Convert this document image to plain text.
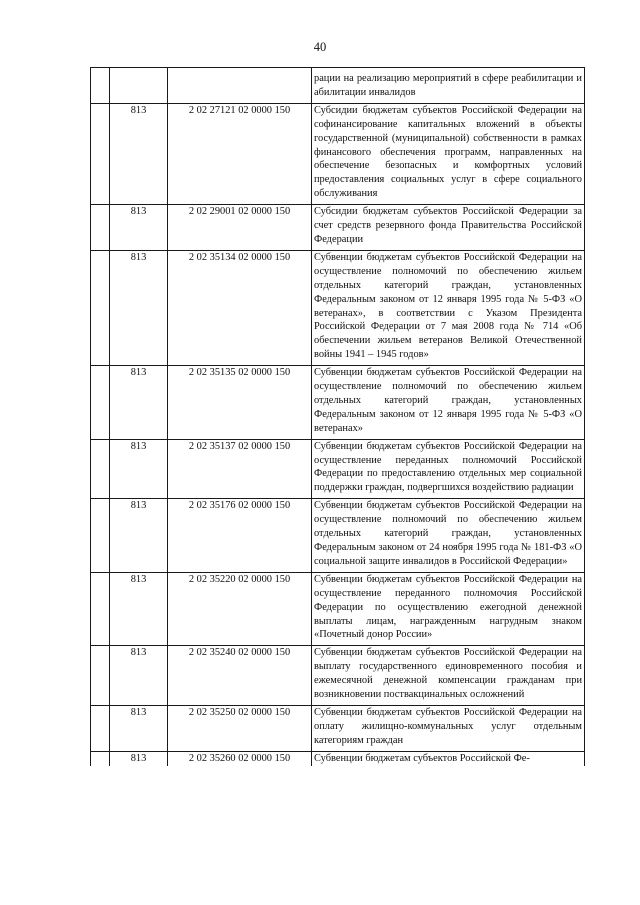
40
			рации на реализацию мероприятий в сфере реабилитации и абилитации инвалидов
	813	2 02 27121 02 0000 150	Субсидии бюджетам субъектов Российской Федерации на софинансирование капитальных вложений в объекты государственной (муниципальной) собственности в рамках финансового обеспечения программ, направленных на обеспечение безопасных и комфортных условий предоставления социальных услуг в сфере социального обслуживания
	813	2 02 29001 02 0000 150	Субсидии бюджетам субъектов Российской Федерации за счет средств резервного фонда Правительства Российской Федерации
	813	2 02 35134 02 0000 150	Субвенции бюджетам субъектов Российской Федерации на осуществление полномочий по обеспечению жильем отдельных категорий граждан, установленных Федеральным законом от 12 января 1995 года № 5-ФЗ «О ветеранах», в соответствии с Указом Президента Российской Федерации от 7 мая 2008 года № 714 «Об обеспечении жильем ветеранов Великой Отечественной войны 1941 – 1945 годов»
	813	2 02 35135 02 0000 150	Субвенции бюджетам субъектов Российской Федерации на осуществление полномочий по обеспечению жильем отдельных категорий граждан, установленных Федеральным законом от 12 января 1995 года № 5-ФЗ «О ветеранах»
	813	2 02 35137 02 0000 150	Субвенции бюджетам субъектов Российской Федерации на осуществление переданных полномочий Российской Федерации по предоставлению отдельных мер социальной поддержки граждан, подвергшихся воздействию радиации
	813	2 02 35176 02 0000 150	Субвенции бюджетам субъектов Российской Федерации на осуществление полномочий по обеспечению жильем отдельных категорий граждан, установленных Федеральным законом от 24 ноября 1995 года № 181-ФЗ «О социальной защите инвалидов в Российской Федерации»
	813	2 02 35220 02 0000 150	Субвенции бюджетам субъектов Российской Федерации на осуществление переданного полномочия Российской Федерации по осуществлению ежегодной денежной выплаты лицам, награжденным нагрудным знаком «Почетный донор России»
	813	2 02 35240 02 0000 150	Субвенции бюджетам субъектов Российской Федерации на выплату государственного единовременного пособия и ежемесячной денежной компенсации гражданам при возникновении поствакцинальных осложнений
	813	2 02 35250 02 0000 150	Субвенции бюджетам субъектов Российской Федерации на оплату жилищно-коммунальных услуг отдельным категориям граждан
	813	2 02 35260 02 0000 150	Субвенции бюджетам субъектов Российской Фе-
